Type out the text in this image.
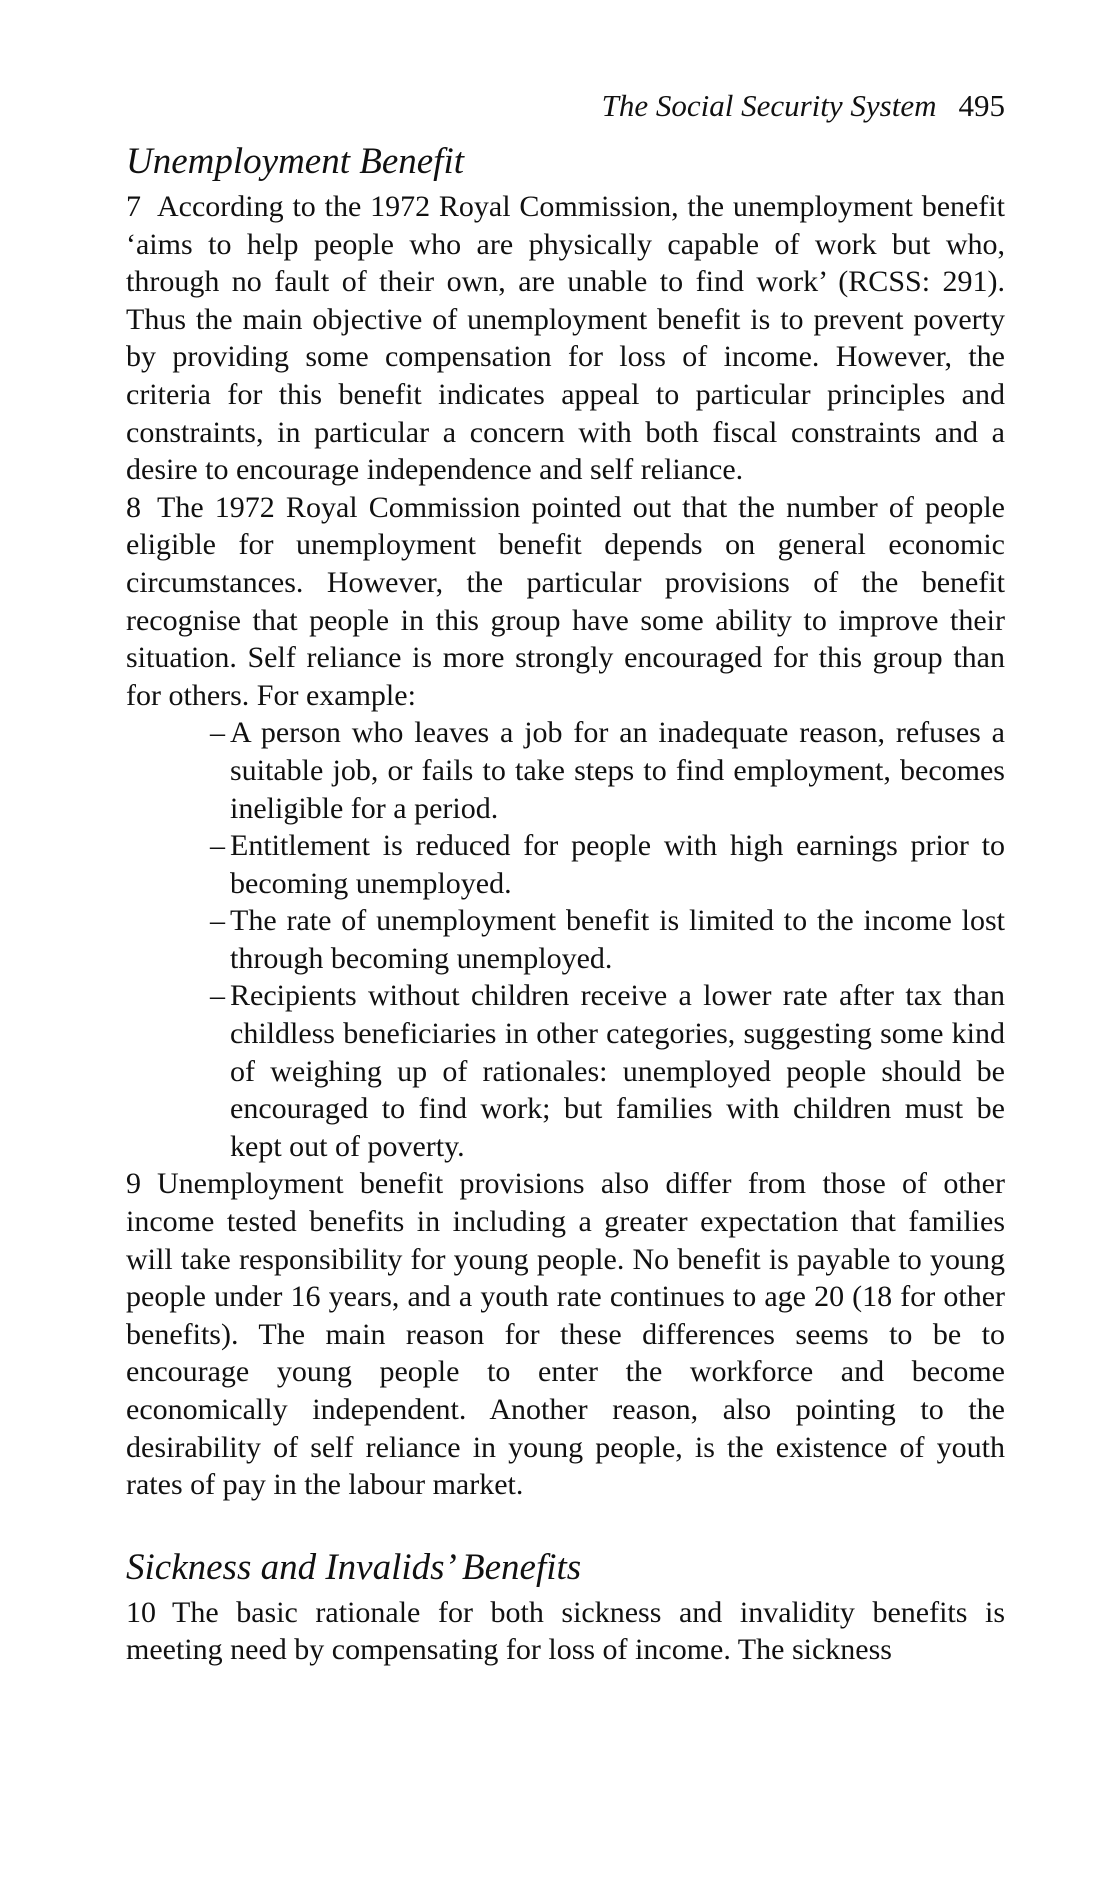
The Social Security System 495
Unemployment Benefit

7 According to the 1972 Royal Commission, the unemployment benefit ‘aims to help people who are physically capable of work but who, through no fault of their own, are unable to find work’ (RCSS: 291). Thus the main objective of unemployment benefit is to prevent poverty by providing some compensation for loss of income. However, the criteria for this benefit indicates appeal to particular principles and constraints, in particular a concern with both fiscal constraints and a desire to encourage independence and self reliance.

8 The 1972 Royal Commission pointed out that the number of people eligible for unemployment benefit depends on general economic circumstances. However, the particular provisions of the benefit recognise that people in this group have some ability to improve their situation. Self reliance is more strongly encouraged for this group than for others. For example:

– A person who leaves a job for an inadequate reason, refuses a suitable job, or fails to take steps to find employment, becomes ineligible for a period.
– Entitlement is reduced for people with high earnings prior to becoming unemployed.
– The rate of unemployment benefit is limited to the income lost through becoming unemployed.
– Recipients without children receive a lower rate after tax than childless beneficiaries in other categories, suggesting some kind of weighing up of rationales: unemployed people should be encouraged to find work; but families with children must be kept out of poverty.

9 Unemployment benefit provisions also differ from those of other income tested benefits in including a greater expectation that families will take responsibility for young people. No benefit is payable to young people under 16 years, and a youth rate continues to age 20 (18 for other benefits). The main reason for these differences seems to be to encourage young people to enter the workforce and become economically independent. Another reason, also pointing to the desirability of self reliance in young people, is the existence of youth rates of pay in the labour market.

Sickness and Invalids’ Benefits

10 The basic rationale for both sickness and invalidity benefits is meeting need by compensating for loss of income. The sickness
